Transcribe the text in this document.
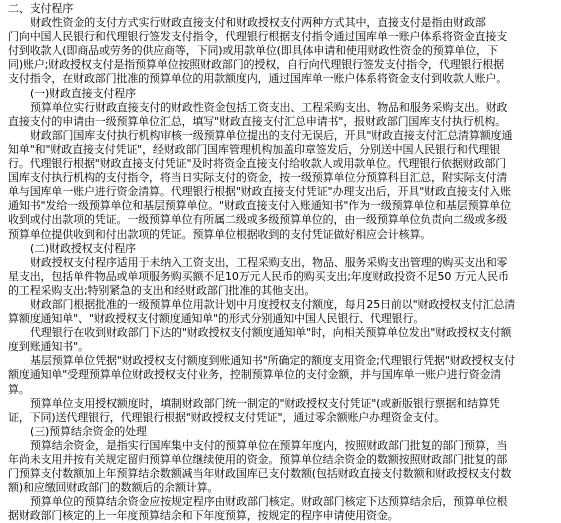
二、支付程序
财政性资金的支付方式实行财政直接支付和财政授权支付两种方式其中，直接支付是指由财政部
门向中国人民银行和代理银行签发支付指令，代理银行根据支付指令通过国库单一账户体系将资金直接支
付到收款人(即商品或劳务的供应商等，下同)或用款单位(即具体申请和使用财政性资金的预算单位，下
同)账户;财政授权支付是指预算单位按照财政部门的授权，自行向代理银行签发支付指令，代理银行根据
支付指令，在财政部门批准的预算单位的用款额度内，通过国库单一账户体系将资金支付到收款人账户。
(一)财政直接支付程序
预算单位实行财政直接支付的财政性资金包括工资支出、工程采购支出、物品和服务采购支出。财政
直接支付的申请由一级预算单位汇总，填写"财政直接支付汇总申请书"，报财政部门国库支付执行机构。
财政部门国库支付执行机构审核一级预算单位提出的支付无误后，开具"财政直接支付汇总清算额度通
知单"和"财政直接支付凭证"，经财政部门国库管理机构加盖印章签发后，分别送中国人民银行和代理银
行。代理银行根据"财政直接支付凭证"及时将资金直接支付给收款人或用款单位。代理银行依据财政部门
国库支付执行机构的支付指令，将当日实际支付的资金，按一级预算单位分预算科目汇总，附实际支付清
单与国库单一账户进行资金清算。代理银行根据"财政直接支付凭证"办理支出后，开具"财政直接支付入账
通知书"发给一级预算单位和基层预算单位。"财政直接支付入账通知书"作为一级预算单位和基层预算单位
收到或付出款项的凭证。一级预算单位有所属二级或多级预算单位的，由一级预算单位负责向二级或多级
预算单位提供收到和付出款项的凭证。预算单位根据收到的支付凭证做好相应会计核算。
(二)财政授权支付程序
财政授权支付程序适用于未纳入工资支出，工程采购支出，物品、服务采购支出管理的购买支出和零
星支出，包括单件物品或单项服务购买额不足10万元人民币的购买支出;年度财政投资不足50 万元人民币
的工程采购支出;特别紧急的支出和经财政部门批准的其他支出。
财政部门根据批准的一级预算单位用款计划中月度授权支付额度，每月25日前以"财政授权支付汇总清
算额度通知单"、"财政授权支付额度通知单"的形式分别通知中国人民银行、代理银行。
代理银行在收到财政部门下达的"财政授权支付额度通知单"时，向相关预算单位发出"财政授权支付额
度到账通知书"。
基层预算单位凭据"财政授权支付额度到账通知书"所确定的额度支用资金;代理银行凭据"财政授权支付
额度通知单"受理预算单位财政授权支付业务，控制预算单位的支付金额，并与国库单一账户进行资金清
算。
预算单位支用授权额度时，填制财政部门统一制定的"财政授权支付凭证"(或新版银行票据和结算凭
证，下同)送代理银行，代理银行根据"财政授权支付凭证"，通过零余额账户办理资金支付。
(三)预算结余资金的处理
预算结余资金，是指实行国库集中支付的预算单位在预算年度内，按照财政部门批复的部门预算，当
年尚未支用并按有关规定留归预算单位继续使用的资金。预算单位结余资金的数额按照财政部门批复的部
门预算支付数额加上年预算结余数额减当年财政国库已支付数额(包括财政直接支付数额和财政授权支付数
额)和应缴回财政部门的数额后的余额计算。
预算单位的预算结余资金应按规定程序由财政部门核定。财政部门核定下达预算结余后，预算单位根
据财政部门核定的上一年度预算结余和下年度预算，按规定的程序申请使用资金。
